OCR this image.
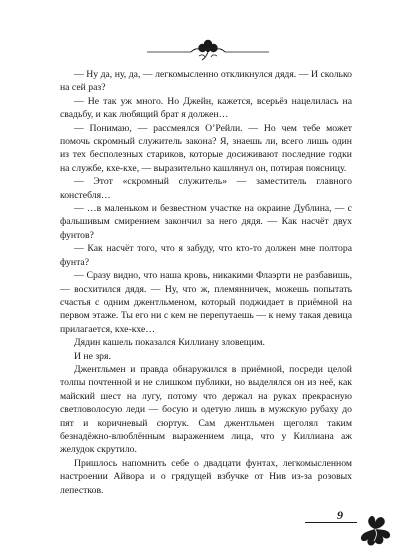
— Ну да, ну, да, — легкомысленно откликнулся дядя. — И сколько на сей раз?

— Не так уж много. Но Джейн, кажется, всерьёз нацелилась на свадьбу, и как любящий брат я должен…

— Понимаю, — рассмеялся О’Рейли. — Но чем тебе может помочь скромный служитель закона? Я, знаешь ли, всего лишь один из тех бесполезных стариков, которые досиживают последние годки на службе, кхе-кхе, — выразительно кашлянул он, потирая поясницу.

— Этот «скромный служитель» — заместитель главного констебля…

— …в маленьком и безвестном участке на окраине Дублина, — с фальшивым смирением закончил за него дядя. — Как насчёт двух фунтов?

— Как насчёт того, что я забуду, что кто-то должен мне полтора фунта?

— Сразу видно, что наша кровь, никакими Флаэрти не разбавишь, — восхитился дядя. — Ну, что ж, племянничек, можешь попытать счастья с одним джентльменом, который поджидает в приёмной на первом этаже. Ты его ни с кем не перепутаешь — к нему такая девица прилагается, кхе-кхе…

Дядин кашель показался Киллиану зловещим.

И не зря.

Джентльмен и правда обнаружился в приёмной, посреди целой толпы почтенной и не слишком публики, но выделялся он из неё, как майский шест на лугу, потому что держал на руках прекрасную светловолосую леди — босую и одетую лишь в мужскую рубаху до пят и коричневый сюртук. Сам джентльмен щеголял таким безнадёжно-влюблённым выражением лица, что у Киллиана аж желудок скрутило.

Пришлось напомнить себе о двадцати фунтах, легкомысленном настроении Айвора и о грядущей взбучке от Нив из-за розовых лепестков.

9
